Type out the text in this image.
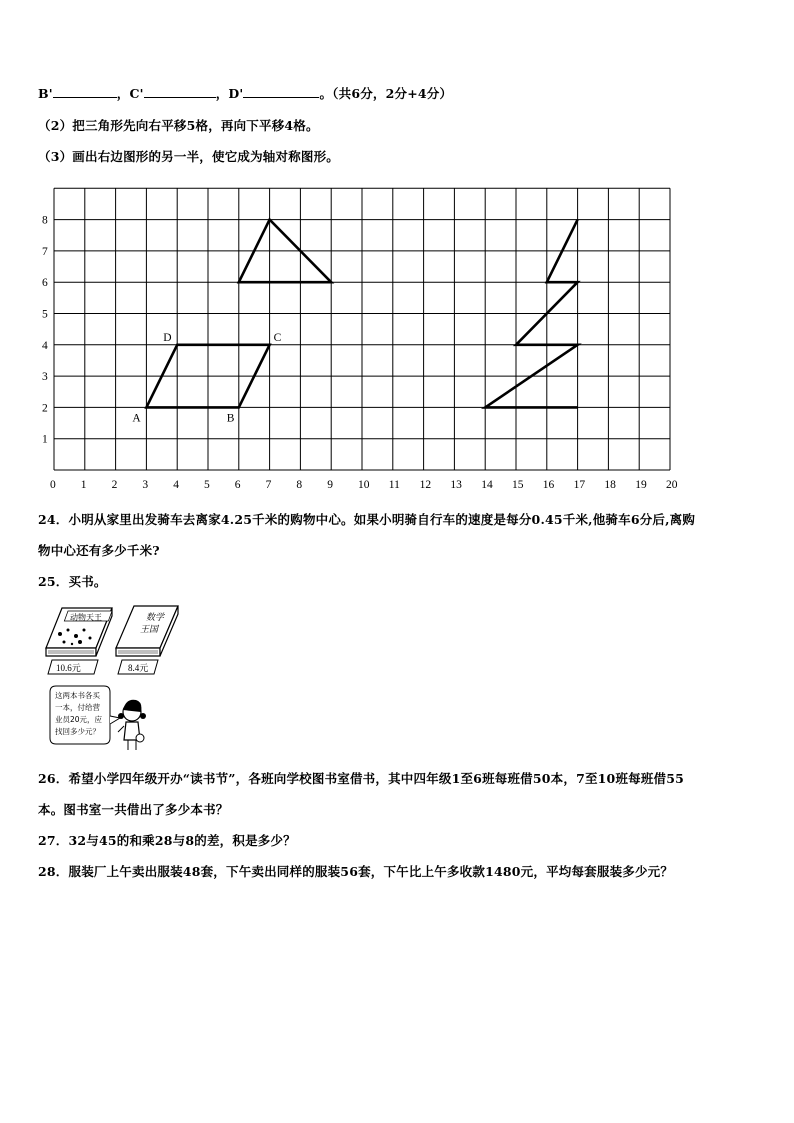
B'	，C'	，D'	。（共6分，2分+4分）
（2）把三角形先向右平移5格，再向下平移4格。
（3）画出右边图形的另一半，使它成为轴对称图形。
0 1 2 3 4 5 6 7 8 9 10 11 12 13 14 15 16 17 18 19 20
1
2
3
4
5
6
7
8
A	B
C
D
24．小明从家里出发骑车去离家4.25千米的购物中心。如果小明骑自行车的速度是每分0.45千米,他骑车6分后,离购
物中心还有多少千米?
25．买书。
动物天王
10.6元
数学
王国
8.4元
这两本书各买
一本，付给营
业员20元，应
找回多少元？
26．希望小学四年级开办“读书节”，各班向学校图书室借书，其中四年级1至6班每班借50本，7至10班每班借55
本。图书室一共借出了多少本书？
27．32与45的和乘28与8的差，积是多少？
28．服装厂上午卖出服装48套，下午卖出同样的服装56套，下午比上午多收款1480元，平均每套服装多少元？
